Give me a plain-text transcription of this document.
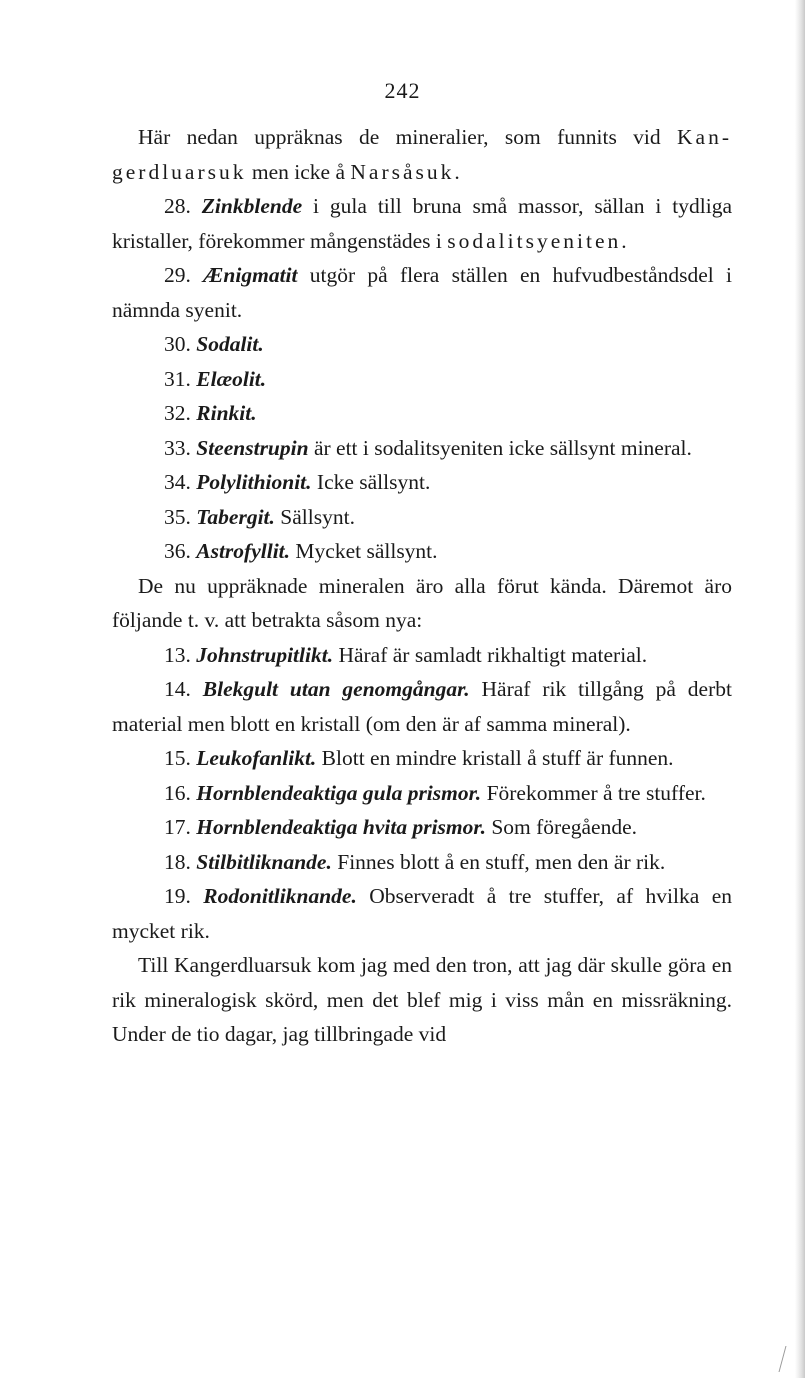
242

Här nedan uppräknas de mineralier, som funnits vid Kan-gerdluarsuk men icke å Narsåsuk.

28. Zinkblende i gula till bruna små massor, sällan i tydliga kristaller, förekommer mångenstädes i sodalitsyeniten.

29. Ænigmatit utgör på flera ställen en hufvudbeståndsdel i nämnda syenit.

30. Sodalit.

31. Elæolit.

32. Rinkit.

33. Steenstrupin är ett i sodalitsyeniten icke sällsynt mineral.

34. Polylithionit. Icke sällsynt.

35. Tabergit. Sällsynt.

36. Astrofyllit. Mycket sällsynt.

De nu uppräknade mineralen äro alla förut kända. Däremot äro följande t. v. att betrakta såsom nya:

13. Johnstrupitlikt. Häraf är samladt rikhaltigt material.

14. Blekgult utan genomgångar. Häraf rik tillgång på derbt material men blott en kristall (om den är af samma mineral).

15. Leukofanlikt. Blott en mindre kristall å stuff är funnen.

16. Hornblendeaktiga gula prismor. Förekommer å tre stuffer.

17. Hornblendeaktiga hvita prismor. Som föregående.

18. Stilbitliknande. Finnes blott å en stuff, men den är rik.

19. Rodonitliknande. Observeradt å tre stuffer, af hvilka en mycket rik.

Till Kangerdluarsuk kom jag med den tron, att jag där skulle göra en rik mineralogisk skörd, men det blef mig i viss mån en missräkning. Under de tio dagar, jag tillbringade vid
